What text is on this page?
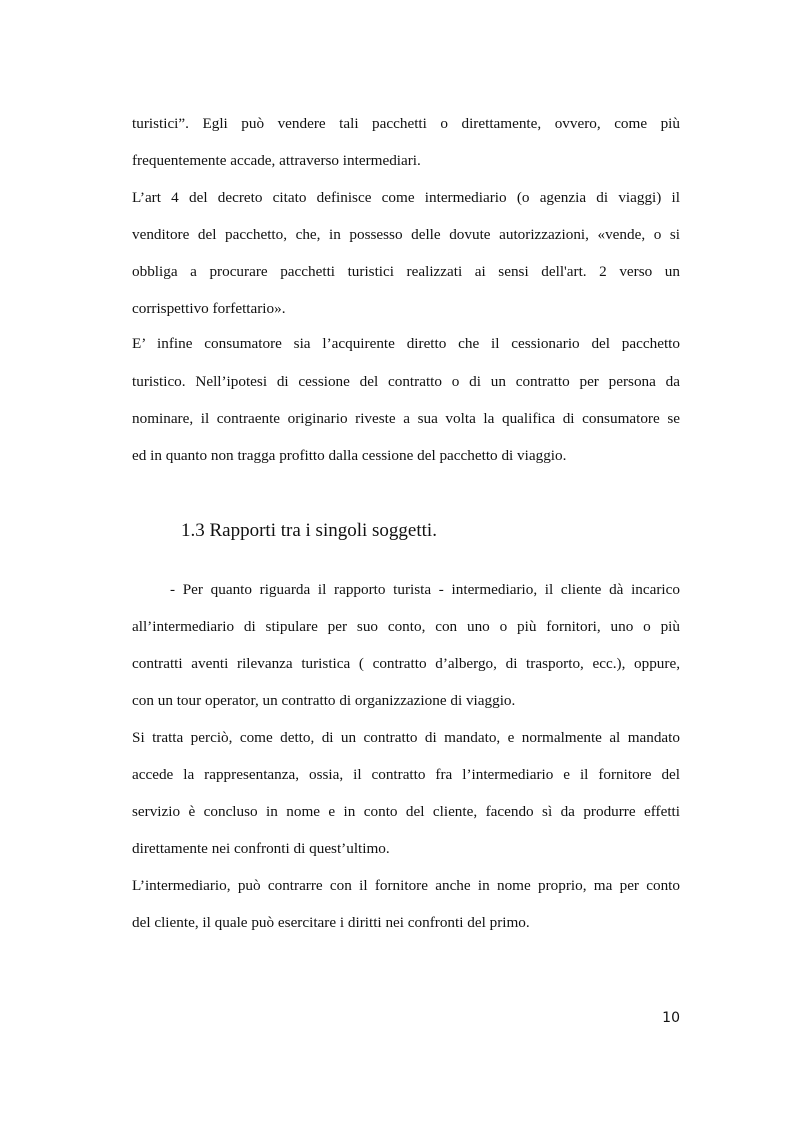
turistici”. Egli può vendere tali pacchetti o direttamente, ovvero, come più
frequentemente accade, attraverso intermediari.
L’art 4 del decreto citato definisce come intermediario (o agenzia di viaggi) il
venditore del pacchetto, che, in possesso delle dovute autorizzazioni, «vende, o si
obbliga a procurare pacchetti turistici realizzati ai sensi dell'art. 2 verso un
corrispettivo forfettario».
E’ infine consumatore sia l’acquirente diretto che il cessionario del pacchetto
turistico. Nell’ipotesi di cessione del contratto o di un contratto per persona da
nominare, il contraente originario riveste a sua volta la qualifica di consumatore se
ed in quanto non tragga profitto dalla cessione del pacchetto di viaggio.
1.3 Rapporti tra i singoli soggetti.
- Per quanto riguarda il rapporto turista - intermediario, il cliente dà incarico
all’intermediario di stipulare per suo conto, con uno o più fornitori, uno o più
contratti aventi rilevanza turistica ( contratto d’albergo, di trasporto, ecc.), oppure,
con un tour operator, un contratto di organizzazione di viaggio.
Si tratta perciò, come detto, di un contratto di mandato, e normalmente al mandato
accede la rappresentanza, ossia, il contratto fra l’intermediario e il fornitore del
servizio è concluso in nome e in conto del cliente, facendo sì da produrre effetti
direttamente nei confronti di quest’ultimo.
L’intermediario, può contrarre con il fornitore anche in nome proprio, ma per conto
del cliente, il quale può esercitare i diritti nei confronti del primo.
10
